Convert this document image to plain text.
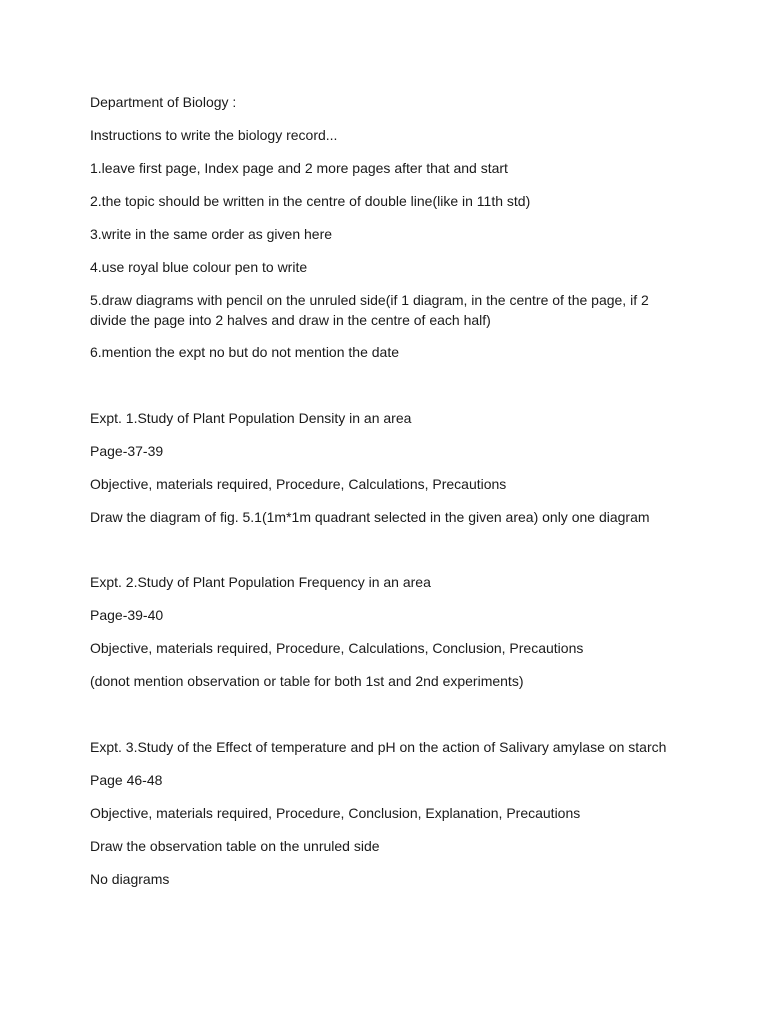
Department of Biology :

Instructions to write the biology record...

1.leave first page, Index page and 2 more pages after that and start

2.the topic should be written in the centre of double line(like in 11th std)

3.write in the same order as given here

4.use royal blue colour pen to write

5.draw diagrams with pencil on the unruled side(if 1 diagram, in the centre of the page, if 2 divide the page into 2 halves and draw in the centre of each half)

6.mention the expt no but do not mention the date

Expt. 1.Study of Plant Population Density in an area

Page-37-39

Objective, materials required, Procedure, Calculations, Precautions

Draw the diagram of fig. 5.1(1m*1m quadrant selected in the given area) only one diagram

Expt. 2.Study of Plant Population Frequency in an area

Page-39-40

Objective, materials required, Procedure, Calculations, Conclusion, Precautions

(donot mention observation or table for both 1st and 2nd experiments)

Expt. 3.Study of the Effect of temperature and pH on the action of Salivary amylase on starch

Page 46-48

Objective, materials required, Procedure, Conclusion, Explanation, Precautions

Draw the observation table on the unruled side

No diagrams
